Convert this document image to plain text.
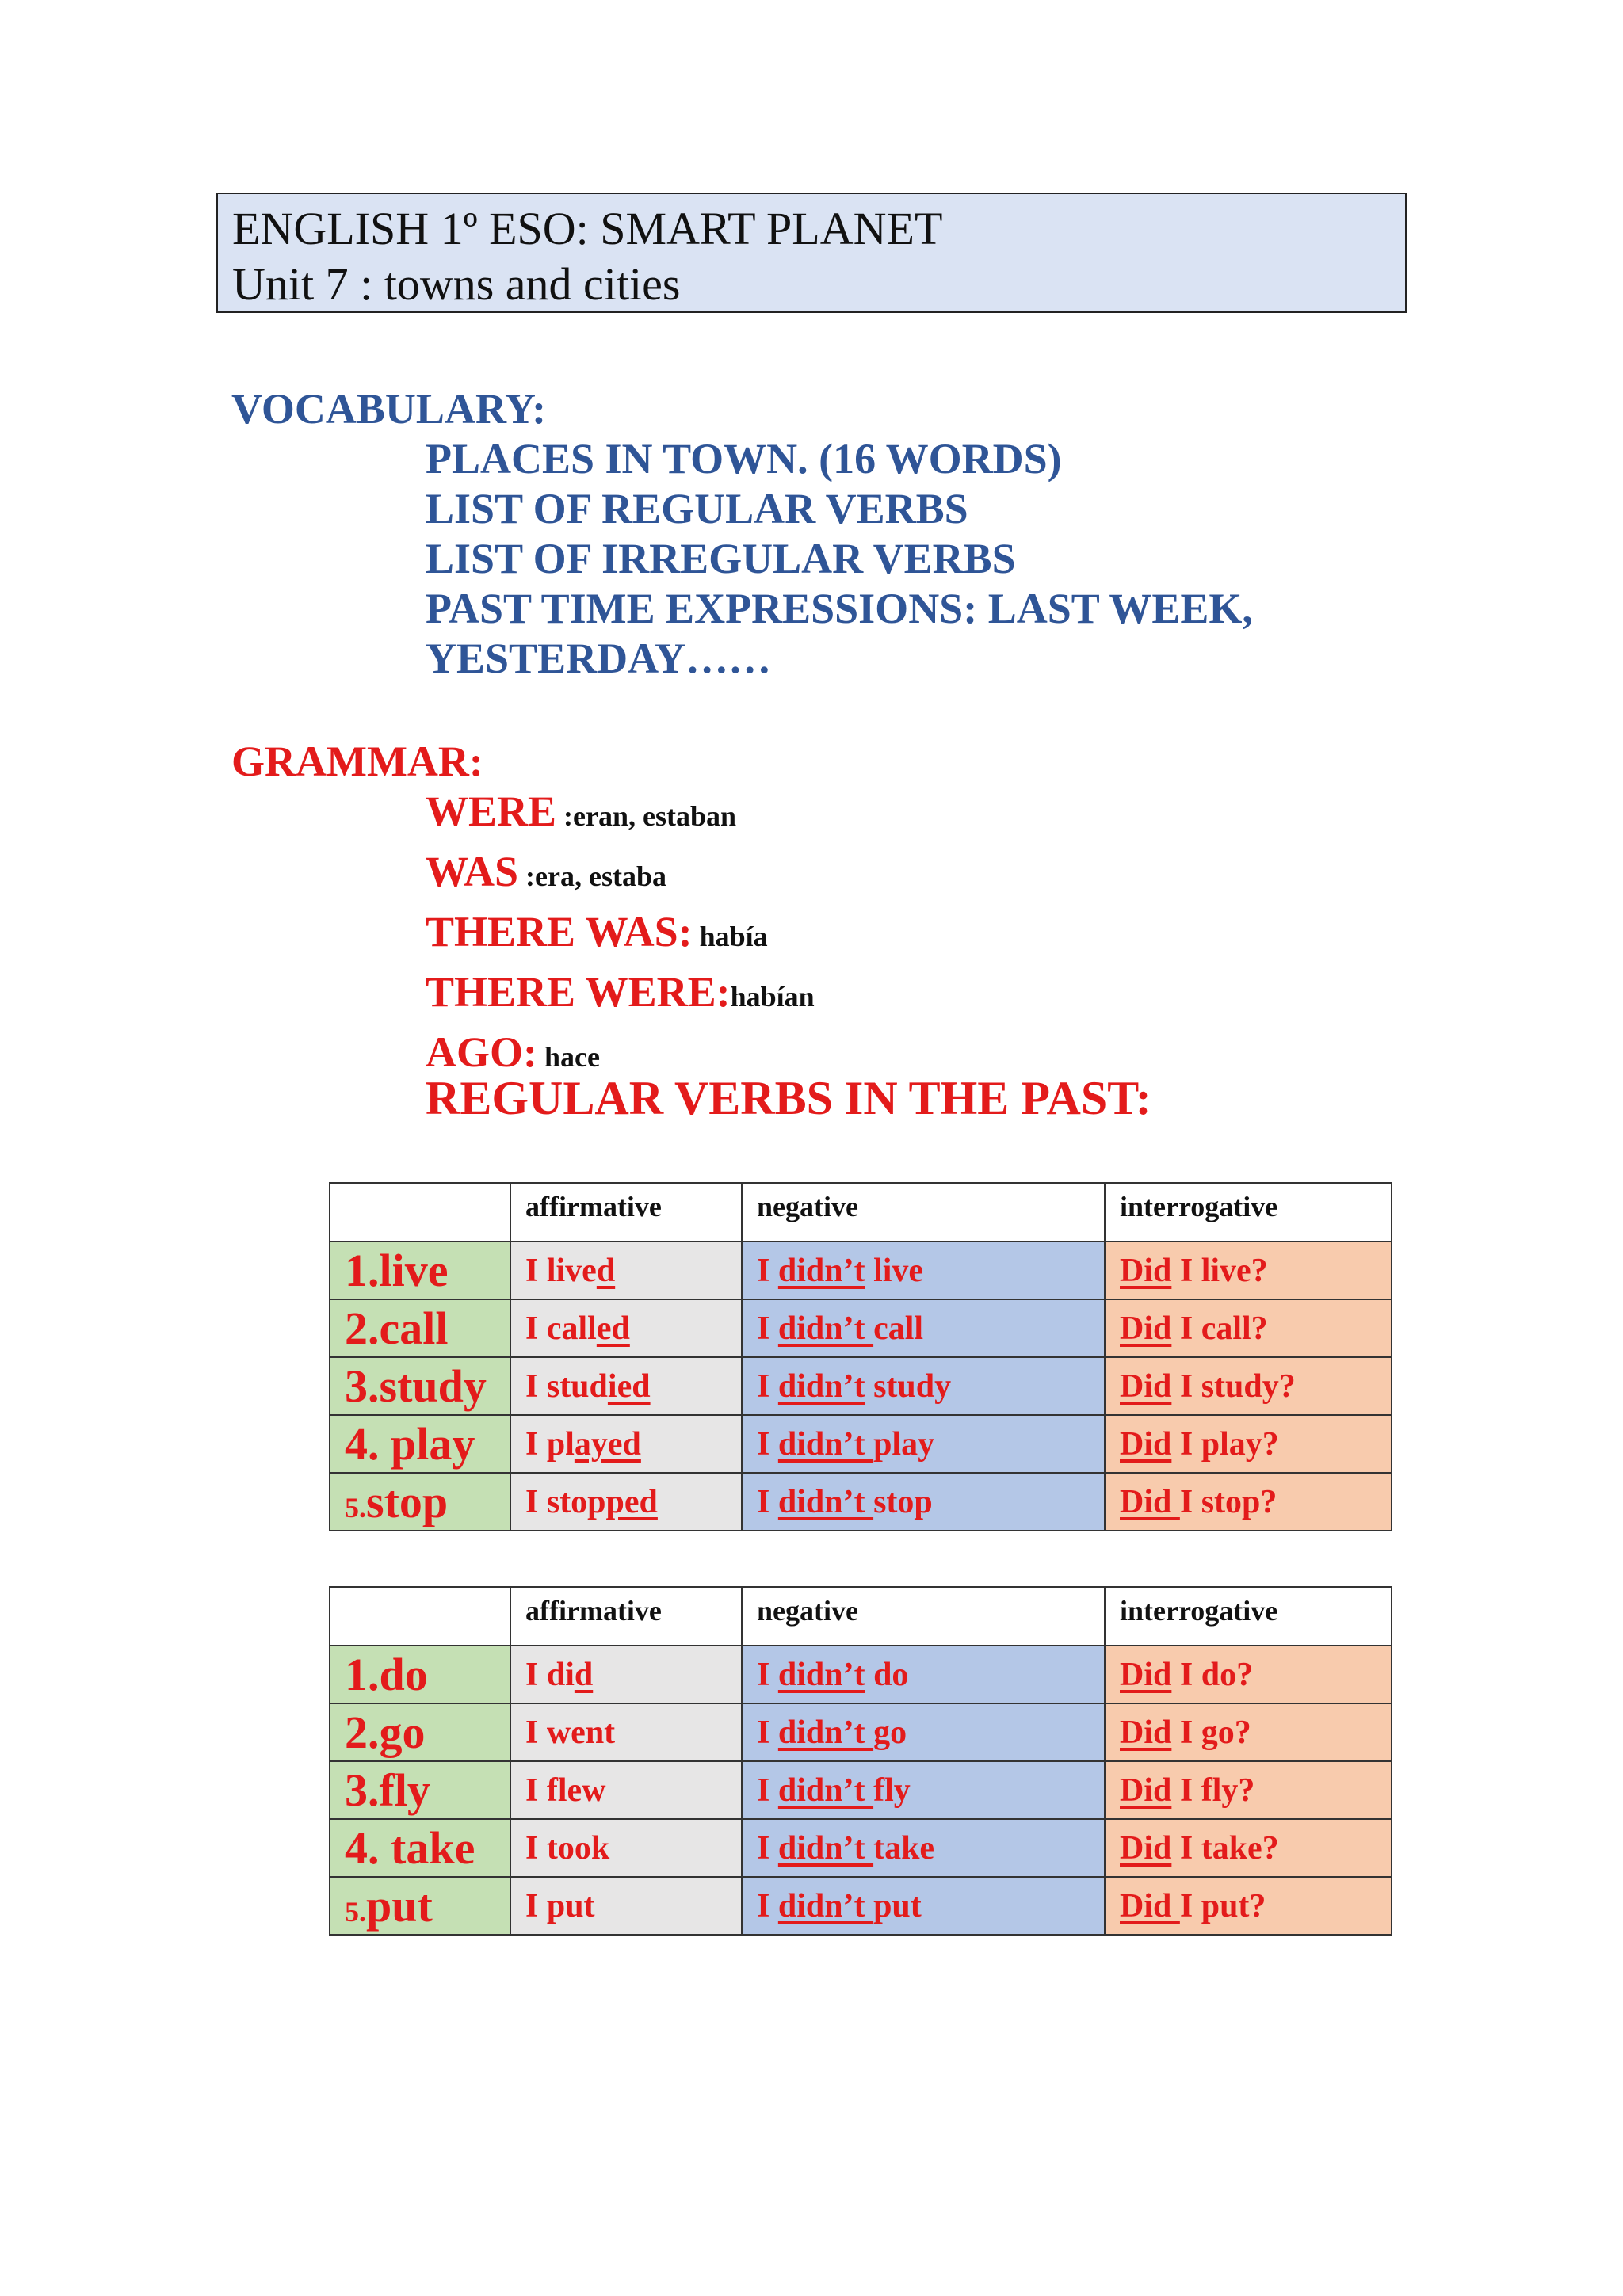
ENGLISH 1º ESO: SMART PLANET
Unit 7 : towns and cities
VOCABULARY:
PLACES IN TOWN. (16 WORDS)
LIST OF REGULAR VERBS
LIST OF IRREGULAR VERBS
PAST TIME EXPRESSIONS: LAST WEEK,
YESTERDAY……
GRAMMAR:
WERE :eran, estaban
WAS :era, estaba
THERE WAS: había
THERE WERE:habían
AGO: hace
REGULAR VERBS IN THE PAST:
	affirmative	negative	interrogative
1.live	I lived	I didn’t live	Did I live?
2.call	I called	I didn’t call	Did I call?
3.study	I studied	I didn’t study	Did I study?
4. play	I played	I didn’t play	Did I play?
5.stop	I stopped	I didn’t stop	Did I stop?
	affirmative	negative	interrogative
1.do	I did	I didn’t do	Did I do?
2.go	I went	I didn’t go	Did I go?
3.fly	I flew	I didn’t fly	Did I fly?
4. take	I took	I didn’t take	Did I take?
5.put	I put	I didn’t put	Did I put?
